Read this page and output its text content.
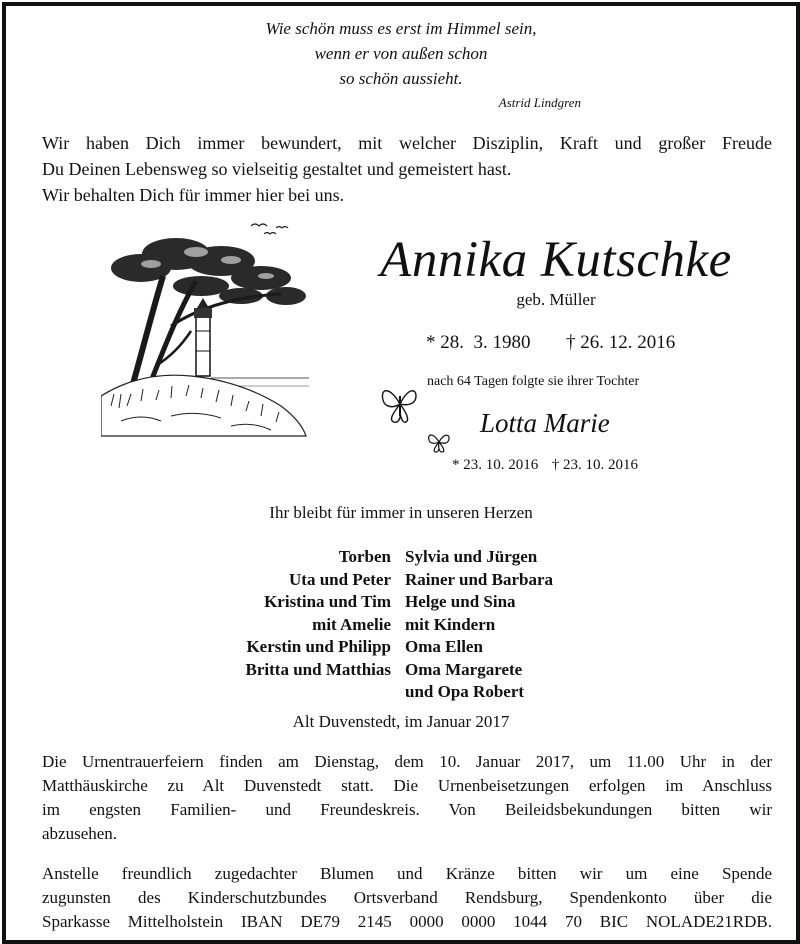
Wie schön muss es erst im Himmel sein,
wenn er von außen schon
so schön aussieht.
Astrid Lindgren
Wir haben Dich immer bewundert, mit welcher Disziplin, Kraft und großer Freude
Du Deinen Lebensweg so vielseitig gestaltet und gemeistert hast.
Wir behalten Dich für immer hier bei uns.
Annika Kutschke
geb. Müller
* 28.  3. 1980 † 26. 12. 2016
nach 64 Tagen folgte sie ihrer Tochter
Lotta Marie
* 23. 10. 2016 † 23. 10. 2016
Ihr bleibt für immer in unseren Herzen
Torben
Uta und Peter
Kristina und Tim
mit Amelie
Kerstin und Philipp
Britta und Matthias
Sylvia und Jürgen
Rainer und Barbara
Helge und Sina
mit Kindern
Oma Ellen
Oma Margarete
und Opa Robert
Alt Duvenstedt, im Januar 2017
Die Urnentrauerfeiern finden am Dienstag, dem 10. Januar 2017, um 11.00 Uhr in der
Matthäuskirche zu Alt Duvenstedt statt. Die Urnenbeisetzungen erfolgen im Anschluss
im engsten Familien- und Freundeskreis. Von Beileidsbekundungen bitten wir
abzusehen.
Anstelle freundlich zugedachter Blumen und Kränze bitten wir um eine Spende
zugunsten des Kinderschutzbundes Ortsverband Rendsburg, Spendenkonto über die
Sparkasse Mittelholstein IBAN DE79 2145 0000 0000 1044 70 BIC NOLADE21RDB.
